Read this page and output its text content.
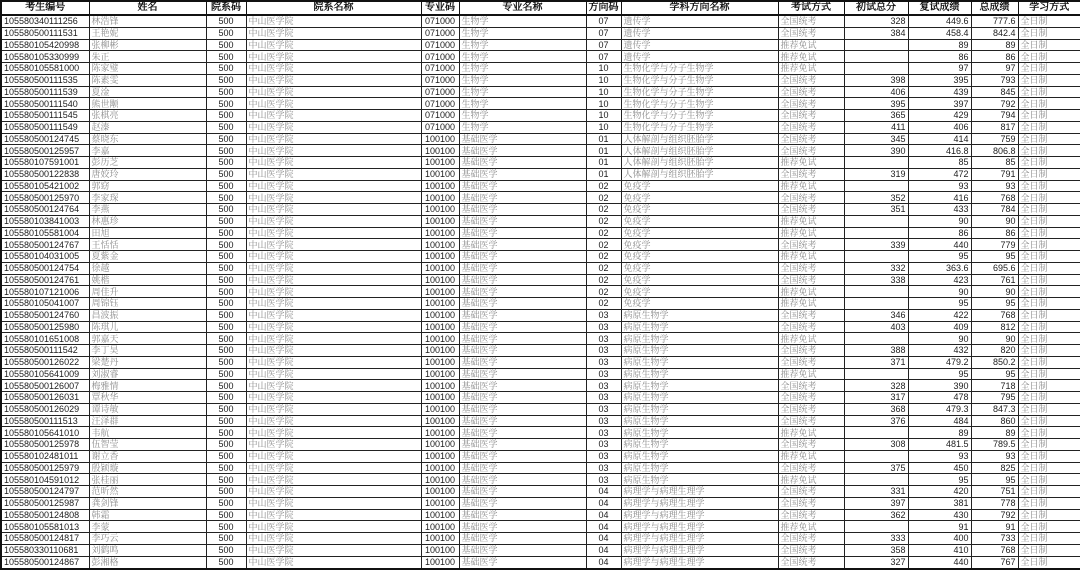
考生编号	姓名	院系码	院系名称	专业码	专业名称	方向码	学科方向名称	考试方式	初试总分	复试成绩	总成绩	学习方式
105580340111256	林浩锋	500	中山医学院	071000	生物学	07	遗传学	全国统考	328	449.6	777.6	全日制
105580500111531	王艳妮	500	中山医学院	071000	生物学	07	遗传学	全国统考	384	458.4	842.4	全日制
105580105420998	张柳彬	500	中山医学院	071000	生物学	07	遗传学	推荐免试		89	89	全日制
105580105330999	朱正	500	中山医学院	071000	生物学	07	遗传学	推荐免试		86	86	全日制
105580105581000	陈家璧	500	中山医学院	071000	生物学	10	生物化学与分子生物学	推荐免试		97	97	全日制
105580500111535	陈素雯	500	中山医学院	071000	生物学	10	生物化学与分子生物学	全国统考	398	395	793	全日制
105580500111539	夏淦	500	中山医学院	071000	生物学	10	生物化学与分子生物学	全国统考	406	439	845	全日制
105580500111540	熊世颙	500	中山医学院	071000	生物学	10	生物化学与分子生物学	全国统考	395	397	792	全日制
105580500111545	张棋亮	500	中山医学院	071000	生物学	10	生物化学与分子生物学	全国统考	365	429	794	全日制
105580500111549	赵溱	500	中山医学院	071000	生物学	10	生物化学与分子生物学	全国统考	411	406	817	全日制
105580500124745	蔡晓东	500	中山医学院	100100	基础医学	01	人体解剖与组织胚胎学	全国统考	345	414	759	全日制
105580500125957	李嘉	500	中山医学院	100100	基础医学	01	人体解剖与组织胚胎学	全国统考	390	416.8	806.8	全日制
105580107591001	彭历芝	500	中山医学院	100100	基础医学	01	人体解剖与组织胚胎学	推荐免试		85	85	全日制
105580500122838	唐姣玲	500	中山医学院	100100	基础医学	01	人体解剖与组织胚胎学	全国统考	319	472	791	全日制
105580105421002	郭窈	500	中山医学院	100100	基础医学	02	免疫学	推荐免试		93	93	全日制
105580500125970	李家琛	500	中山医学院	100100	基础医学	02	免疫学	全国统考	352	416	768	全日制
105580500124764	李燕	500	中山医学院	100100	基础医学	02	免疫学	全国统考	351	433	784	全日制
105580103841003	林惠珍	500	中山医学院	100100	基础医学	02	免疫学	推荐免试		90	90	全日制
105580105581004	田旭	500	中山医学院	100100	基础医学	02	免疫学	推荐免试		86	86	全日制
105580500124767	王恬恬	500	中山医学院	100100	基础医学	02	免疫学	全国统考	339	440	779	全日制
105580104031005	夏紫金	500	中山医学院	100100	基础医学	02	免疫学	推荐免试		95	95	全日制
105580500124754	徐越	500	中山医学院	100100	基础医学	02	免疫学	全国统考	332	363.6	695.6	全日制
105580500124761	姚楷	500	中山医学院	100100	基础医学	02	免疫学	全国统考	338	423	761	全日制
105580107121006	周佳升	500	中山医学院	100100	基础医学	02	免疫学	推荐免试		90	90	全日制
105580105041007	周锦钰	500	中山医学院	100100	基础医学	02	免疫学	推荐免试		95	95	全日制
105580500124760	昌波振	500	中山医学院	100100	基础医学	03	病原生物学	全国统考	346	422	768	全日制
105580500125980	陈琪儿	500	中山医学院	100100	基础医学	03	病原生物学	全国统考	403	409	812	全日制
105580101651008	郭嘉天	500	中山医学院	100100	基础医学	03	病原生物学	推荐免试		90	90	全日制
105580500111542	李丁昊	500	中山医学院	100100	基础医学	03	病原生物学	全国统考	388	432	820	全日制
105580500126022	梁楚丹	500	中山医学院	100100	基础医学	03	病原生物学	全国统考	371	479.2	850.2	全日制
105580105641009	刘淑睿	500	中山医学院	100100	基础医学	03	病原生物学	推荐免试		95	95	全日制
105580500126007	梅雅情	500	中山医学院	100100	基础医学	03	病原生物学	全国统考	328	390	718	全日制
105580500126031	覃秋华	500	中山医学院	100100	基础医学	03	病原生物学	全国统考	317	478	795	全日制
105580500126029	谭诗敏	500	中山医学院	100100	基础医学	03	病原生物学	全国统考	368	479.3	847.3	全日制
105580500111513	汪泽群	500	中山医学院	100100	基础医学	03	病原生物学	全国统考	376	484	860	全日制
105580105641010	韦航	500	中山医学院	100100	基础医学	03	病原生物学	推荐免试		89	89	全日制
105580500125978	伍智莹	500	中山医学院	100100	基础医学	03	病原生物学	全国统考	308	481.5	789.5	全日制
105580102481011	谢立香	500	中山医学院	100100	基础医学	03	病原生物学	推荐免试		93	93	全日制
105580500125979	殷颖璇	500	中山医学院	100100	基础医学	03	病原生物学	全国统考	375	450	825	全日制
105580104591012	张桂丽	500	中山医学院	100100	基础医学	03	病原生物学	推荐免试		95	95	全日制
105580500124797	范昕然	500	中山医学院	100100	基础医学	04	病理学与病理生理学	全国统考	331	420	751	全日制
105580500125987	龚剑锋	500	中山医学院	100100	基础医学	04	病理学与病理生理学	全国统考	397	381	778	全日制
105580500124808	韩霜	500	中山医学院	100100	基础医学	04	病理学与病理生理学	全国统考	362	430	792	全日制
105580105581013	李蒙	500	中山医学院	100100	基础医学	04	病理学与病理生理学	推荐免试		91	91	全日制
105580500124817	李巧云	500	中山医学院	100100	基础医学	04	病理学与病理生理学	全国统考	333	400	733	全日制
105580330110681	刘鹤鸣	500	中山医学院	100100	基础医学	04	病理学与病理生理学	全国统考	358	410	768	全日制
105580500124867	彭湘格	500	中山医学院	100100	基础医学	04	病理学与病理生理学	全国统考	327	440	767	全日制
